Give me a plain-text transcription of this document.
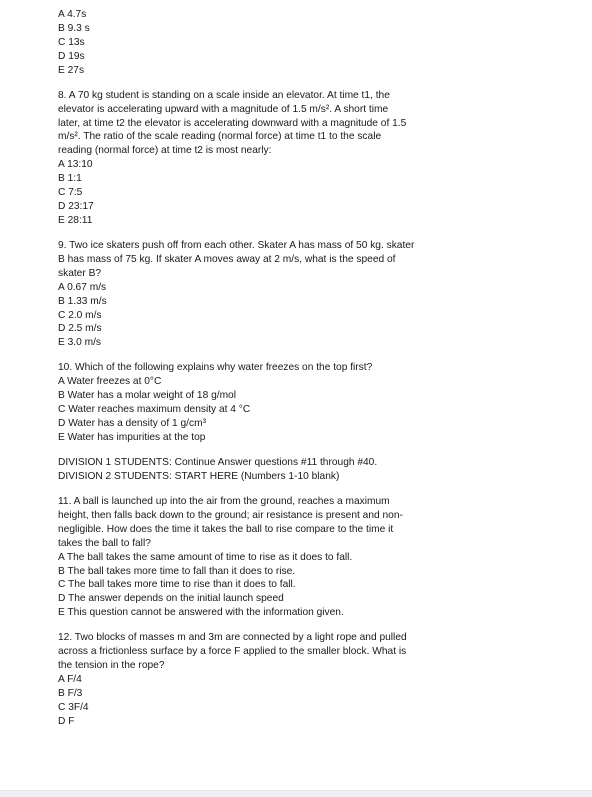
A 4.7s
B 9.3 s
C 13s
D 19s
E 27s
8. A 70 kg student is standing on a scale inside an elevator. At time t1, the
elevator is accelerating upward with a magnitude of 1.5 m/s². A short time
later, at time t2 the elevator is accelerating downward with a magnitude of 1.5
m/s². The ratio of the scale reading (normal force) at time t1 to the scale
reading (normal force) at time t2 is most nearly:
A 13:10
B 1:1
C 7:5
D 23:17
E 28:11
9. Two ice skaters push off from each other. Skater A has mass of 50 kg. skater
B has mass of 75 kg. If skater A moves away at 2 m/s, what is the speed of
skater B?
A 0.67 m/s
B 1.33 m/s
C 2.0 m/s
D 2.5 m/s
E 3.0 m/s
10. Which of the following explains why water freezes on the top first?
A Water freezes at 0°C
B Water has a molar weight of 18 g/mol
C Water reaches maximum density at 4 °C
D Water has a density of 1 g/cm³
E Water has impurities at the top
DIVISION 1 STUDENTS: Continue Answer questions #11 through #40.
DIVISION 2 STUDENTS: START HERE (Numbers 1-10 blank)
11. A ball is launched up into the air from the ground, reaches a maximum
height, then falls back down to the ground; air resistance is present and non-
negligible. How does the time it takes the ball to rise compare to the time it
takes the ball to fall?
A The ball takes the same amount of time to rise as it does to fall.
B The ball takes more time to fall than it does to rise.
C The ball takes more time to rise than it does to fall.
D The answer depends on the initial launch speed
E This question cannot be answered with the information given.
12. Two blocks of masses m and 3m are connected by a light rope and pulled
across a frictionless surface by a force F applied to the smaller block. What is
the tension in the rope?
A F/4
B F/3
C 3F/4
D F
